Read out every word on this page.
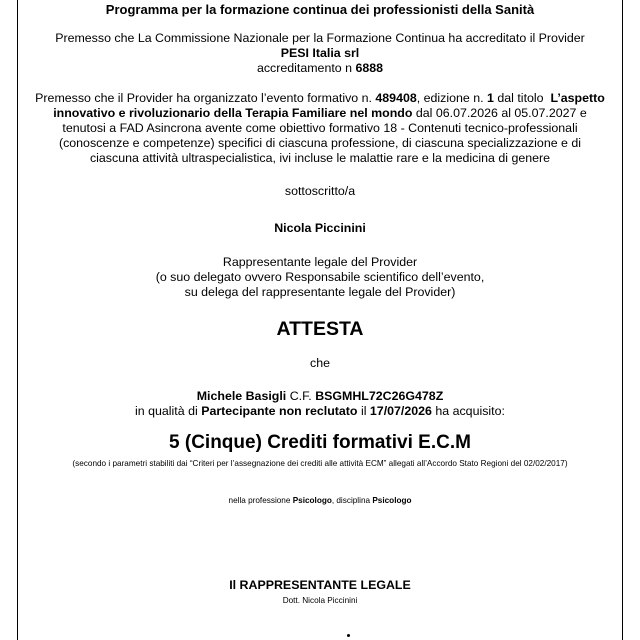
Programma per la formazione continua dei professionisti della Sanità

Premesso che La Commissione Nazionale per la Formazione Continua ha accreditato il Provider
PESI Italia srl
accreditamento n 6888
Premesso che il Provider ha organizzato l’evento formativo n. 489408, edizione n. 1 dal titolo L’aspetto innovativo e rivoluzionario della Terapia Familiare nel mondo dal 06.07.2026 al 05.07.2027 e tenutosi a FAD Asincrona avente come obiettivo formativo 18 - Contenuti tecnico-professionali (conoscenze e competenze) specifici di ciascuna professione, di ciascuna specializzazione e di ciascuna attività ultraspecialistica, ivi incluse le malattie rare e la medicina di genere
sottoscritto/a
Nicola Piccinini
Rappresentante legale del Provider
(o suo delegato ovvero Responsabile scientifico dell’evento,
su delega del rappresentante legale del Provider)
ATTESTA
che
Michele Basigli C.F. BSGMHL72C26G478Z
in qualità di Partecipante non reclutato il 17/07/2026 ha acquisito:
5 (Cinque) Crediti formativi E.C.M
(secondo i parametri stabiliti dai “Criteri per l’assegnazione dei crediti alle attività ECM” allegati all’Accordo Stato Regioni del 02/02/2017)
nella professione Psicologo, disciplina Psicologo
Il RAPPRESENTANTE LEGALE
Dott. Nicola Piccinini
